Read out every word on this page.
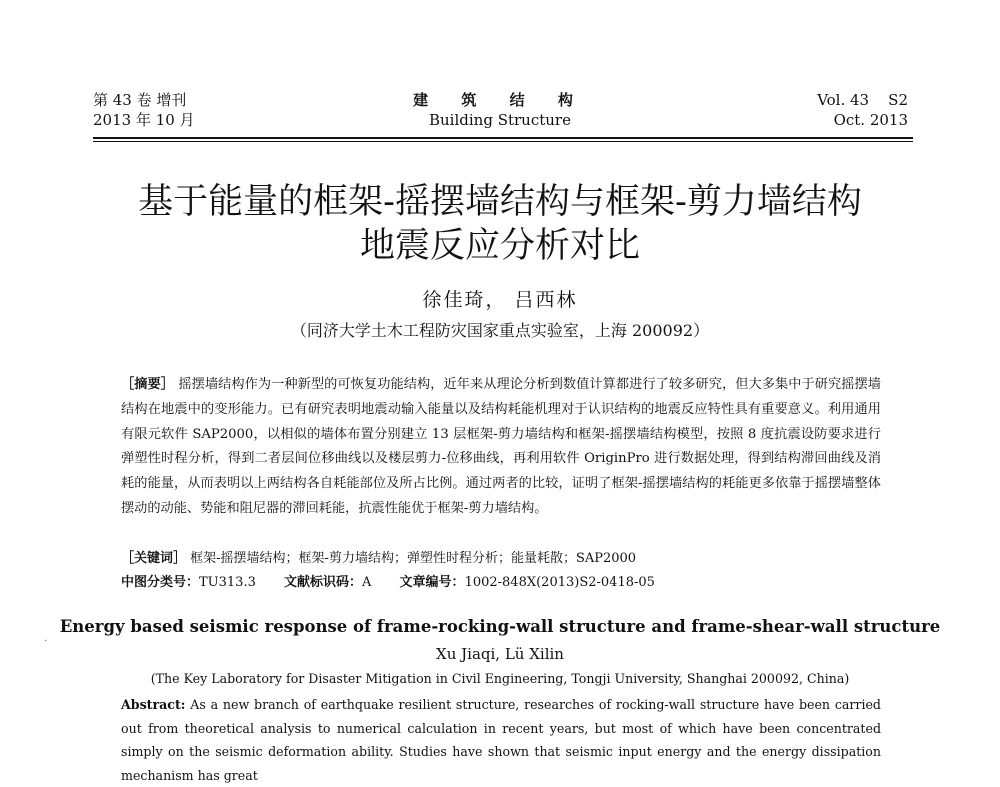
第 43 卷 增刊
2013 年 10 月
建 筑 结 构
Building Structure
Vol. 43    S2
Oct. 2013
基于能量的框架-摇摆墙结构与框架-剪力墙结构
地震反应分析对比
徐佳琦， 吕西林
（同济大学土木工程防灾国家重点实验室，上海 200092）
［摘要］ 摇摆墙结构作为一种新型的可恢复功能结构，近年来从理论分析到数值计算都进行了较多研究，但大多集中于研究摇摆墙结构在地震中的变形能力。已有研究表明地震动输入能量以及结构耗能机理对于认识结构的地震反应特性具有重要意义。利用通用有限元软件 SAP2000，以相似的墙体布置分别建立 13 层框架-剪力墙结构和框架-摇摆墙结构模型，按照 8 度抗震设防要求进行弹塑性时程分析，得到二者层间位移曲线以及楼层剪力-位移曲线，再利用软件 OriginPro 进行数据处理，得到结构滞回曲线及消耗的能量，从而表明以上两结构各自耗能部位及所占比例。通过两者的比较，证明了框架-摇摆墙结构的耗能更多依靠于摇摆墙整体摆动的动能、势能和阻尼器的滞回耗能，抗震性能优于框架-剪力墙结构。
［关键词］ 框架-摇摆墙结构；框架-剪力墙结构；弹塑性时程分析；能量耗散；SAP2000
中图分类号：TU313.3 文献标识码：A 文章编号：1002-848X(2013)S2-0418-05
Energy based seismic response of frame-rocking-wall structure and frame-shear-wall structure
Xu Jiaqi, Lü Xilin
(The Key Laboratory for Disaster Mitigation in Civil Engineering, Tongji University, Shanghai 200092, China)
Abstract: As a new branch of earthquake resilient structure, researches of rocking-wall structure have been carried out from theoretical analysis to numerical calculation in recent years, but most of which have been concentrated simply on the seismic deformation ability. Studies have shown that seismic input energy and the energy dissipation mechanism has great
·
